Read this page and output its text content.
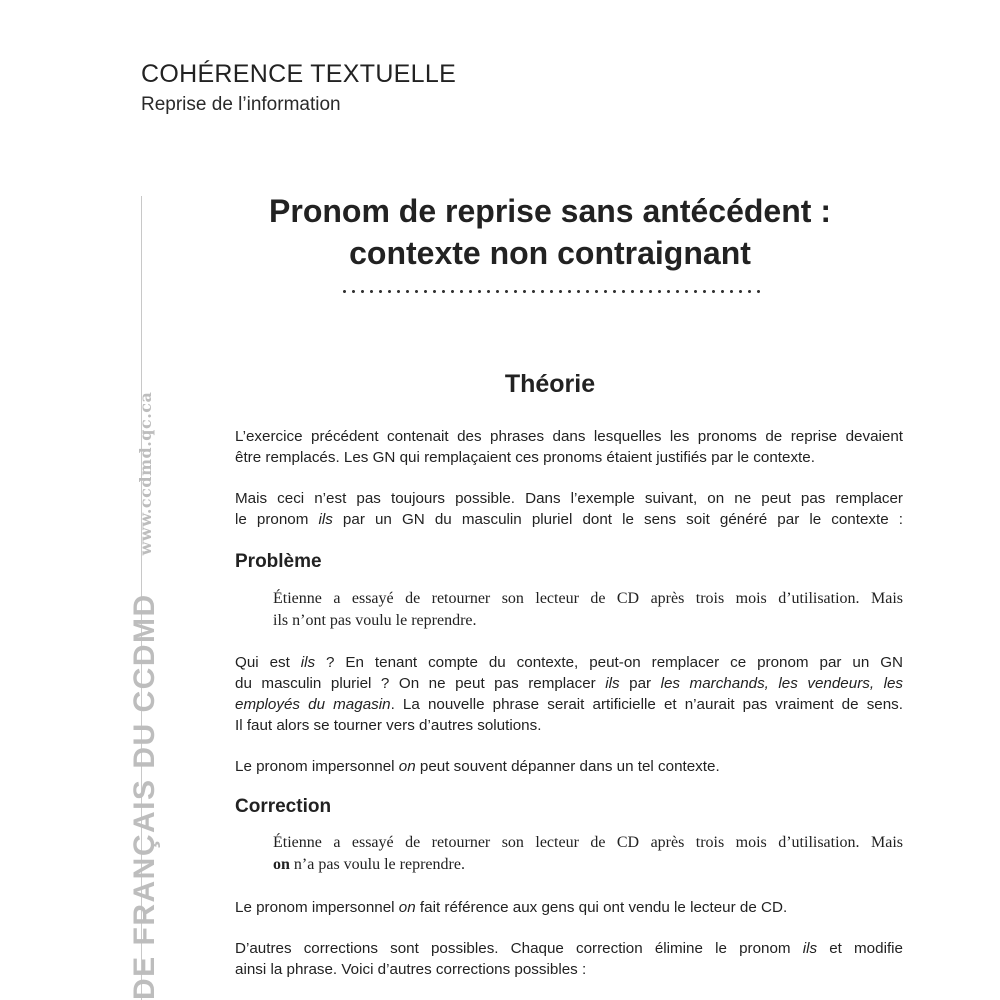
COHÉRENCE TEXTUELLE
Reprise de l’information
DE FRANÇAIS DU CCDMDwww.ccdmd.qc.ca
Pronom de reprise sans antécédent :
contexte non contraignant
Théorie
L’exercice précédent contenait des phrases dans lesquelles les pronoms de reprise devaient
être remplacés. Les GN qui remplaçaient ces pronoms étaient justifiés par le contexte.
Mais ceci n’est pas toujours possible. Dans l’exemple suivant, on ne peut pas remplacer
le pronom ils par un GN du masculin pluriel dont le sens soit généré par le contexte :
Problème
Étienne a essayé de retourner son lecteur de CD après trois mois d’utilisation. Mais
ils n’ont pas voulu le reprendre.
Qui est ils ? En tenant compte du contexte, peut-on remplacer ce pronom par un GN
du masculin pluriel ? On ne peut pas remplacer ils par les marchands, les vendeurs, les
employés du magasin. La nouvelle phrase serait artificielle et n’aurait pas vraiment de sens.
Il faut alors se tourner vers d’autres solutions.
Le pronom impersonnel on peut souvent dépanner dans un tel contexte.
Correction
Étienne a essayé de retourner son lecteur de CD après trois mois d’utilisation. Mais
on n’a pas voulu le reprendre.
Le pronom impersonnel on fait référence aux gens qui ont vendu le lecteur de CD.
D’autres corrections sont possibles. Chaque correction élimine le pronom ils et modifie
ainsi la phrase. Voici d’autres corrections possibles :
